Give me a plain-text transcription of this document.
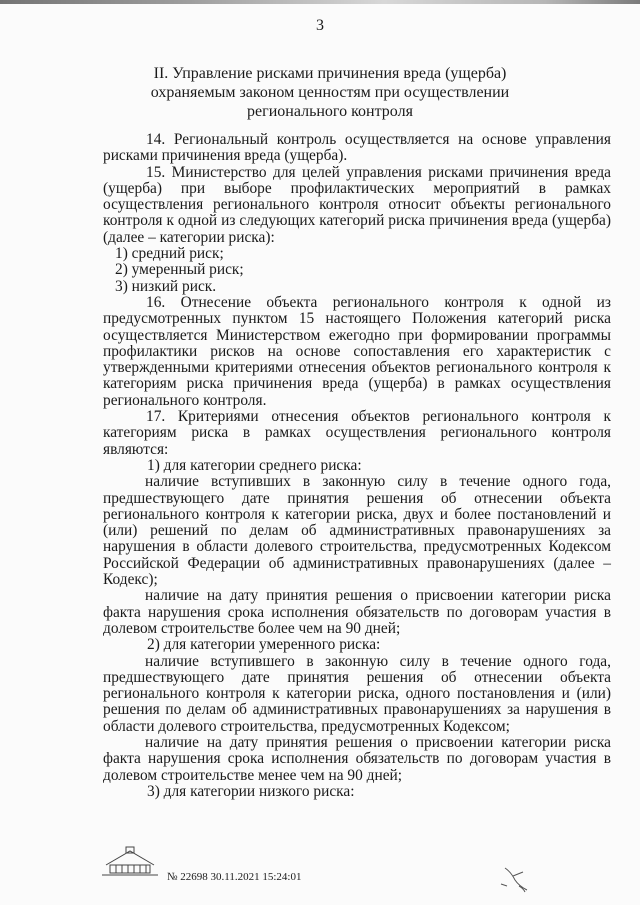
3
II. Управление рисками причинения вреда (ущерба)
охраняемым законом ценностям при осуществлении
регионального контроля

14. Региональный контроль осуществляется на основе управления рисками причинения вреда (ущерба).

15. Министерство для целей управления рисками причинения вреда (ущерба) при выборе профилактических мероприятий в рамках осуществления регионального контроля относит объекты регионального контроля к одной из следующих категорий риска причинения вреда (ущерба) (далее – категории риска):

1) средний риск;

2) умеренный риск;

3) низкий риск.

16. Отнесение объекта регионального контроля к одной из предусмотренных пунктом 15 настоящего Положения категорий риска осуществляется Министерством ежегодно при формировании программы профилактики рисков на основе сопоставления его характеристик с утвержденными критериями отнесения объектов регионального контроля к категориям риска причинения вреда (ущерба) в рамках осуществления регионального контроля.

17. Критериями отнесения объектов регионального контроля к категориям риска в рамках осуществления регионального контроля являются:

1) для категории среднего риска:

наличие вступивших в законную силу в течение одного года, предшествующего дате принятия решения об отнесении объекта регионального контроля к категории риска, двух и более постановлений и (или) решений по делам об административных правонарушениях за нарушения в области долевого строительства, предусмотренных Кодексом Российской Федерации об административных правонарушениях (далее – Кодекс);

наличие на дату принятия решения о присвоении категории риска факта нарушения срока исполнения обязательств по договорам участия в долевом строительстве более чем на 90 дней;

2) для категории умеренного риска:

наличие вступившего в законную силу в течение одного года, предшествующего дате принятия решения об отнесении объекта регионального контроля к категории риска, одного постановления и (или) решения по делам об административных правонарушениях за нарушения в области долевого строительства, предусмотренных Кодексом;

наличие на дату принятия решения о присвоении категории риска факта нарушения срока исполнения обязательств по договорам участия в долевом строительстве менее чем на 90 дней;

3) для категории низкого риска:

№ 22698 30.11.2021 15:24:01
